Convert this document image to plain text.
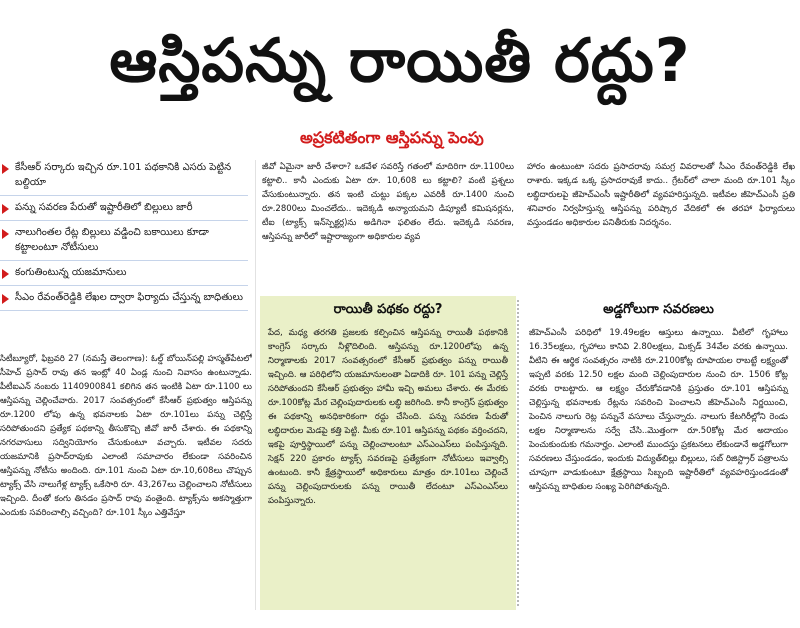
ఆస్తిపన్ను రాయితీ రద్దు?
అప్రకటితంగా ఆస్తిపన్ను పెంపు
కేసీఆర్ సర్కారు ఇచ్చిన రూ.101 పథకానికి ఎసరు పెట్టిన బల్దియా
పన్ను సవరణ పేరుతో ఇష్టారీతిలో బిల్లులు జారీ
నాలుగింతల రేట్ల బిల్లులు వడ్డించి బకాయిలు కూడా కట్టాలంటూ నోటీసులు
కంగుతింటున్న యజమానులు
సీఎం రేవంత్‌రెడ్డికి లేఖల ద్వారా ఫిర్యాదు చేస్తున్న బాధితులు
సిటీబ్యూరో, ఫిబ్రవరి 27 (నమస్తే తెలంగాణ): ఓల్డ్ బోయిన్‌పల్లి హస్మత్‌పేటలో సీహెచ్ ప్రసాద్ రావు తన ఇంట్లో 40 ఏండ్ల నుంచి నివాసం ఉంటున్నాడు. పీటీఐఎన్ నంబరు 1140900841 కలిగిన తన ఇంటికి ఏటా రూ.1100 లు ఆస్తిపన్ను చెల్లించేవారు. 2017 సంవత్సరంలో కేసీఆర్ ప్రభుత్వం ఆస్తిపన్ను రూ.1200 లోపు ఉన్న భవనాలకు ఏటా రూ.101లు పన్ను చెల్లిస్తే సరిపోతుందని ప్రత్యేక పథకాన్ని తీసుకొచ్చి జీవో జారీ చేశారు. ఈ పథకాన్ని నగరవాసులు సద్వినియోగం చేసుకుంటూ వచ్చారు. ఇటీవల సదరు యజమానికి ప్రసాద్‌రావుకు ఎలాంటి సమాచారం లేకుండా సవరించిన ఆస్తిపన్ను నోటీసు అందింది. రూ.101 నుంచి ఏటా రూ.10,608లు చొప్పున ట్యాక్స్ వేసి నాలుగేళ్ల ట్యాక్స్ ఒకేసారి రూ. 43,267లు చెల్లించాలని నోటీసులు ఇచ్చింది. దీంతో కంగు తినడం ప్రసాద్ రావు వంతైంది. ట్యాక్స్‌ను అకస్మాత్తుగా ఎందుకు సవరించాల్సి వచ్చింది? రూ.101 స్కీం ఎత్తివేస్తూ
జీవో ఏమైనా జారీ చేశారా? ఒకవేళ సవరిస్తే గతంలో మాదిరిగా రూ.1100లు కట్టాలి.. కానీ ఎందుకు ఏటా రూ. 10,608 లు కట్టాలి? వంటి ప్రశ్నలు వేసుకుంటున్నారు. తన ఇంటి చుట్టు పక్కల ఎవరికీ రూ.1400 నుంచి రూ.2800లు మించలేదు.. ఇదెక్కడి అన్యాయమని డిప్యూటీ కమిషనర్లను, టీఐ (ట్యాక్స్ ఇన్‌స్పెక్టర్ల)ను అడిగినా ఫలితం లేదు. ఇదెక్కడి సవరణ, ఆస్తిపన్ను జారీలో ఇష్టారాజ్యంగా అధికారుల వ్యవ
హారం ఉంటుంటా సదరు ప్రసాదరావు సమగ్ర వివరాలతో సీఎం రేవంత్‌రెడ్డికి లేఖ రాశారు. ఇక్కడ ఒక్క ప్రసాదరావుకే కాదు.. గ్రేటర్‌లో చాలా మంది రూ.101 స్కీం లబ్ధిదారులపై జీహెచ్‌ఎంసీ ఇష్టారీతిలో వ్యవహరిస్తున్నది. ఇటీవల జీహెచ్ఎంసీ ప్రతి శనివారం నిర్వహిస్తున్న ఆస్తిపన్ను పరిష్కార వేదికలో ఈ తరహా ఫిర్యాదులు వస్తుండడం అధికారుల పనితీరుకు నిదర్శనం.
రాయితీ పథకం రద్దు?
పేద, మధ్య తరగతి ప్రజలకు కల్పించిన ఆస్తిపన్ను రాయితీ పథకానికి కాంగ్రెస్ సర్కారు నీళ్లొదిలింది. ఆస్తిపన్ను రూ.1200లోపు ఉన్న నిర్మాణాలకు 2017 సంవత్సరంలో కేసీఆర్ ప్రభుత్వం పన్ను రాయితీ ఇచ్చింది. ఆ పరిధిలోని యజమానులంతా ఏడాదికి రూ. 101 పన్ను చెల్లిస్తే సరిపోతుందని కేసీఆర్ ప్రభుత్వం హామీ ఇచ్చి అమలు చేశారు. ఈ మేరకు రూ.100కోట్ల మేర చెల్లింపుదారులకు లబ్ధి జరిగింది. కానీ కాంగ్రెస్ ప్రభుత్వం ఈ పథకాన్ని అనధికారికంగా రద్దు చేసింది. పన్ను సవరణ పేరుతో లబ్ధిదారుల మెడపై కత్తి పెట్టి. మీకు రూ.101 ఆస్తిపన్ను పథకం వర్తించదని, ఇకపై పూర్తిస్థాయిలో పన్ను చెల్లించాలంటూ ఎస్ఎంఎస్‌లు పంపిస్తున్నది. సెక్షన్ 220 ప్రకారం ట్యాక్స్ సవరణపై ప్రత్యేకంగా నోటీసులు ఇవ్వాల్సి ఉంటుంది. కానీ క్షేత్రస్థాయిలో అధికారులు మాత్రం రూ.101లు చెల్లించే పన్ను చెల్లింపుదారులకు పన్ను రాయితీ లేదంటూ ఎస్ఎంఎస్‌లు పంపిస్తున్నారు.
అడ్డగోలుగా సవరణలు
జీహెచ్‌ఎంసీ పరిధిలో 19.49లక్షల ఆస్తులు ఉన్నాయి. వీటిలో గృహాలు 16.35లక్షలు, గృహాలు కానివి 2.80లక్షలు, మిక్సడ్ 34వేల వరకు ఉన్నాయి. వీటిని ఈ ఆర్థిక సంవత్సరం నాటికి రూ.2100కోట్ల రూపాయల రాబట్టే లక్ష్యంతో ఇప్పటి వరకు 12.50 లక్షల మంది చెల్లింపుదారుల నుంచి రూ. 1506 కోట్ల వరకు రాబట్టారు. ఆ లక్ష్యం చేరుకోవడానికి ప్రస్తుతం రూ.101 ఆస్తిపన్ను చెల్లిస్తున్న భవనాలకు రేట్లను సవరించి పెంచాలని జీహెచ్ఎంసీ నిర్ణయించి, పెంచిన నాలుగు రెట్ల పన్నునే వసూలు చేస్తున్నారు. నాలుగు కేటగిరీల్లోని రెండు లక్షల నిర్మాణాలను సర్వే చేసి..మొత్తంగా రూ.50కోట్ల మేర అదాయం పెంచుకుందుకు గమనార్హం. ఎలాంటి ముందస్తు ప్రకటనలు లేకుండానే అడ్డగోలుగా సవరణలు చేస్తుండడం, ఇందుకు విద్యుత్‌బిల్లు బిల్లులు, సబ్ రిజిస్ట్రార్ పత్రాలను చూపుగా వాడుకుంటూ క్షేత్రస్థాయి సిబ్బంది ఇష్టారీతిలో వ్యవహరిస్తుండడంతో ఆస్తిపన్ను బాధితుల సంఖ్య పెరిగిపోతున్నది.
